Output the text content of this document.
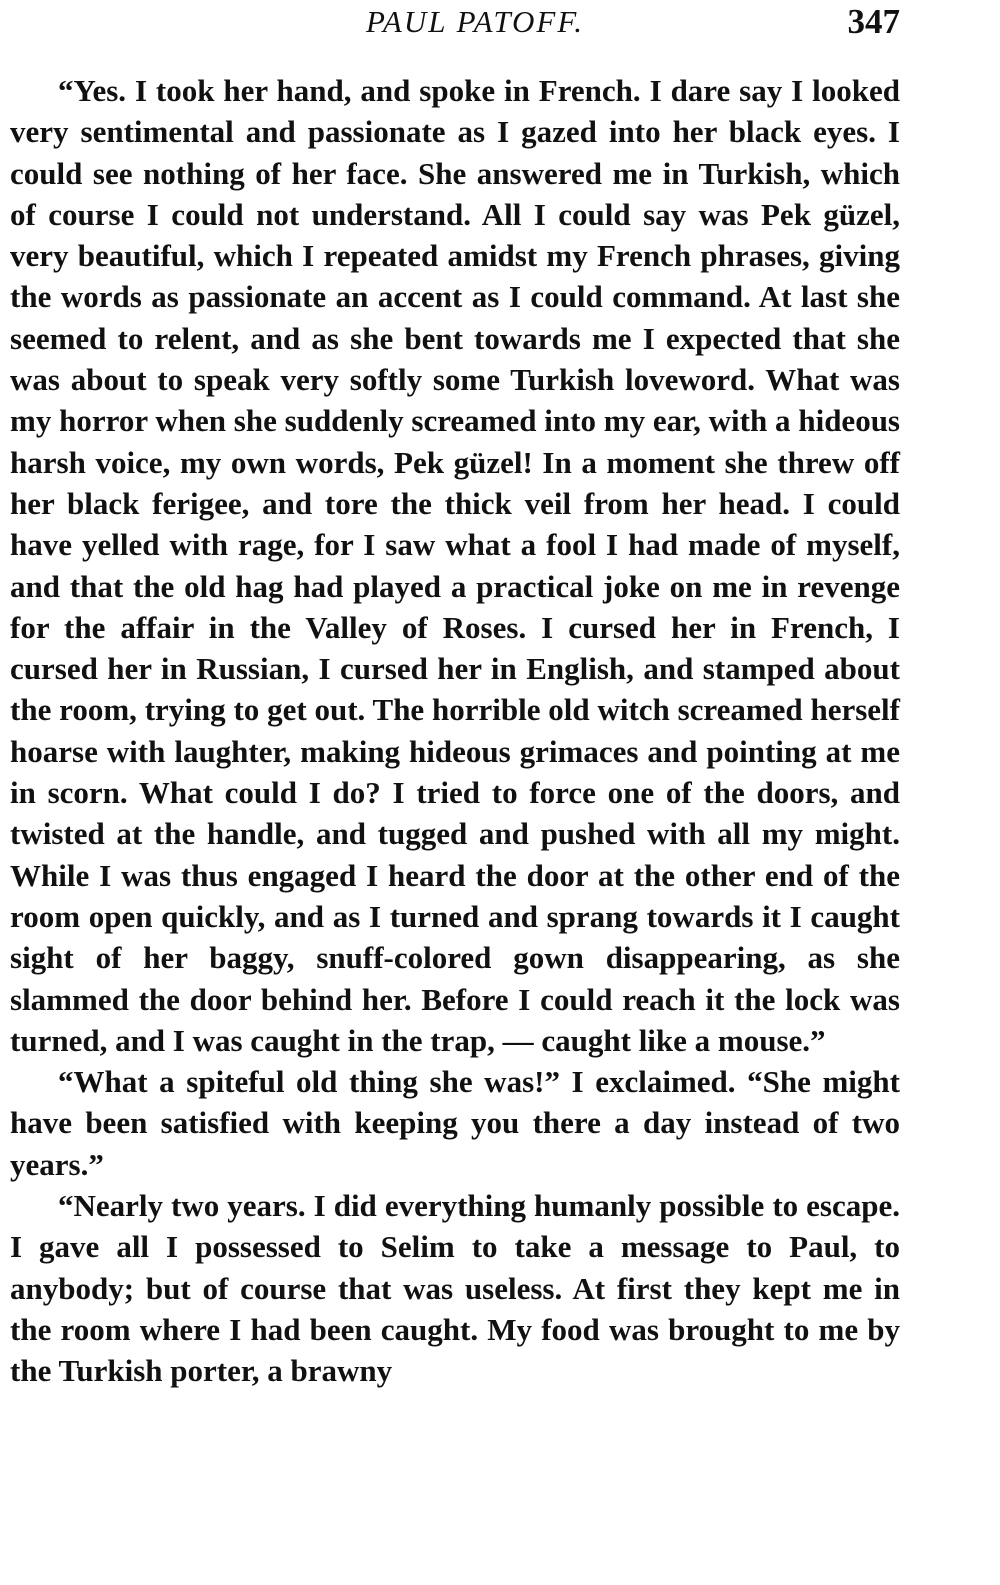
PAUL PATOFF.	347

“Yes. I took her hand, and spoke in French. I dare say I looked very sentimental and passionate as I gazed into her black eyes. I could see nothing of her face. She answered me in Turkish, which of course I could not understand. All I could say was Pek güzel, very beautiful, which I repeated amidst my French phrases, giving the words as passionate an accent as I could command. At last she seemed to relent, and as she bent towards me I expected that she was about to speak very softly some Turkish loveword. What was my horror when she suddenly screamed into my ear, with a hideous harsh voice, my own words, Pek güzel! In a moment she threw off her black ferigee, and tore the thick veil from her head. I could have yelled with rage, for I saw what a fool I had made of myself, and that the old hag had played a practical joke on me in revenge for the affair in the Valley of Roses. I cursed her in French, I cursed her in Russian, I cursed her in English, and stamped about the room, trying to get out. The horrible old witch screamed herself hoarse with laughter, making hideous grimaces and pointing at me in scorn. What could I do? I tried to force one of the doors, and twisted at the handle, and tugged and pushed with all my might. While I was thus engaged I heard the door at the other end of the room open quickly, and as I turned and sprang towards it I caught sight of her baggy, snuff-colored gown disappearing, as she slammed the door behind her. Before I could reach it the lock was turned, and I was caught in the trap, — caught like a mouse.”

“What a spiteful old thing she was!” I exclaimed. “She might have been satisfied with keeping you there a day instead of two years.”

“Nearly two years. I did everything humanly possible to escape. I gave all I possessed to Selim to take a message to Paul, to anybody; but of course that was useless. At first they kept me in the room where I had been caught. My food was brought to me by the Turkish porter, a brawny
